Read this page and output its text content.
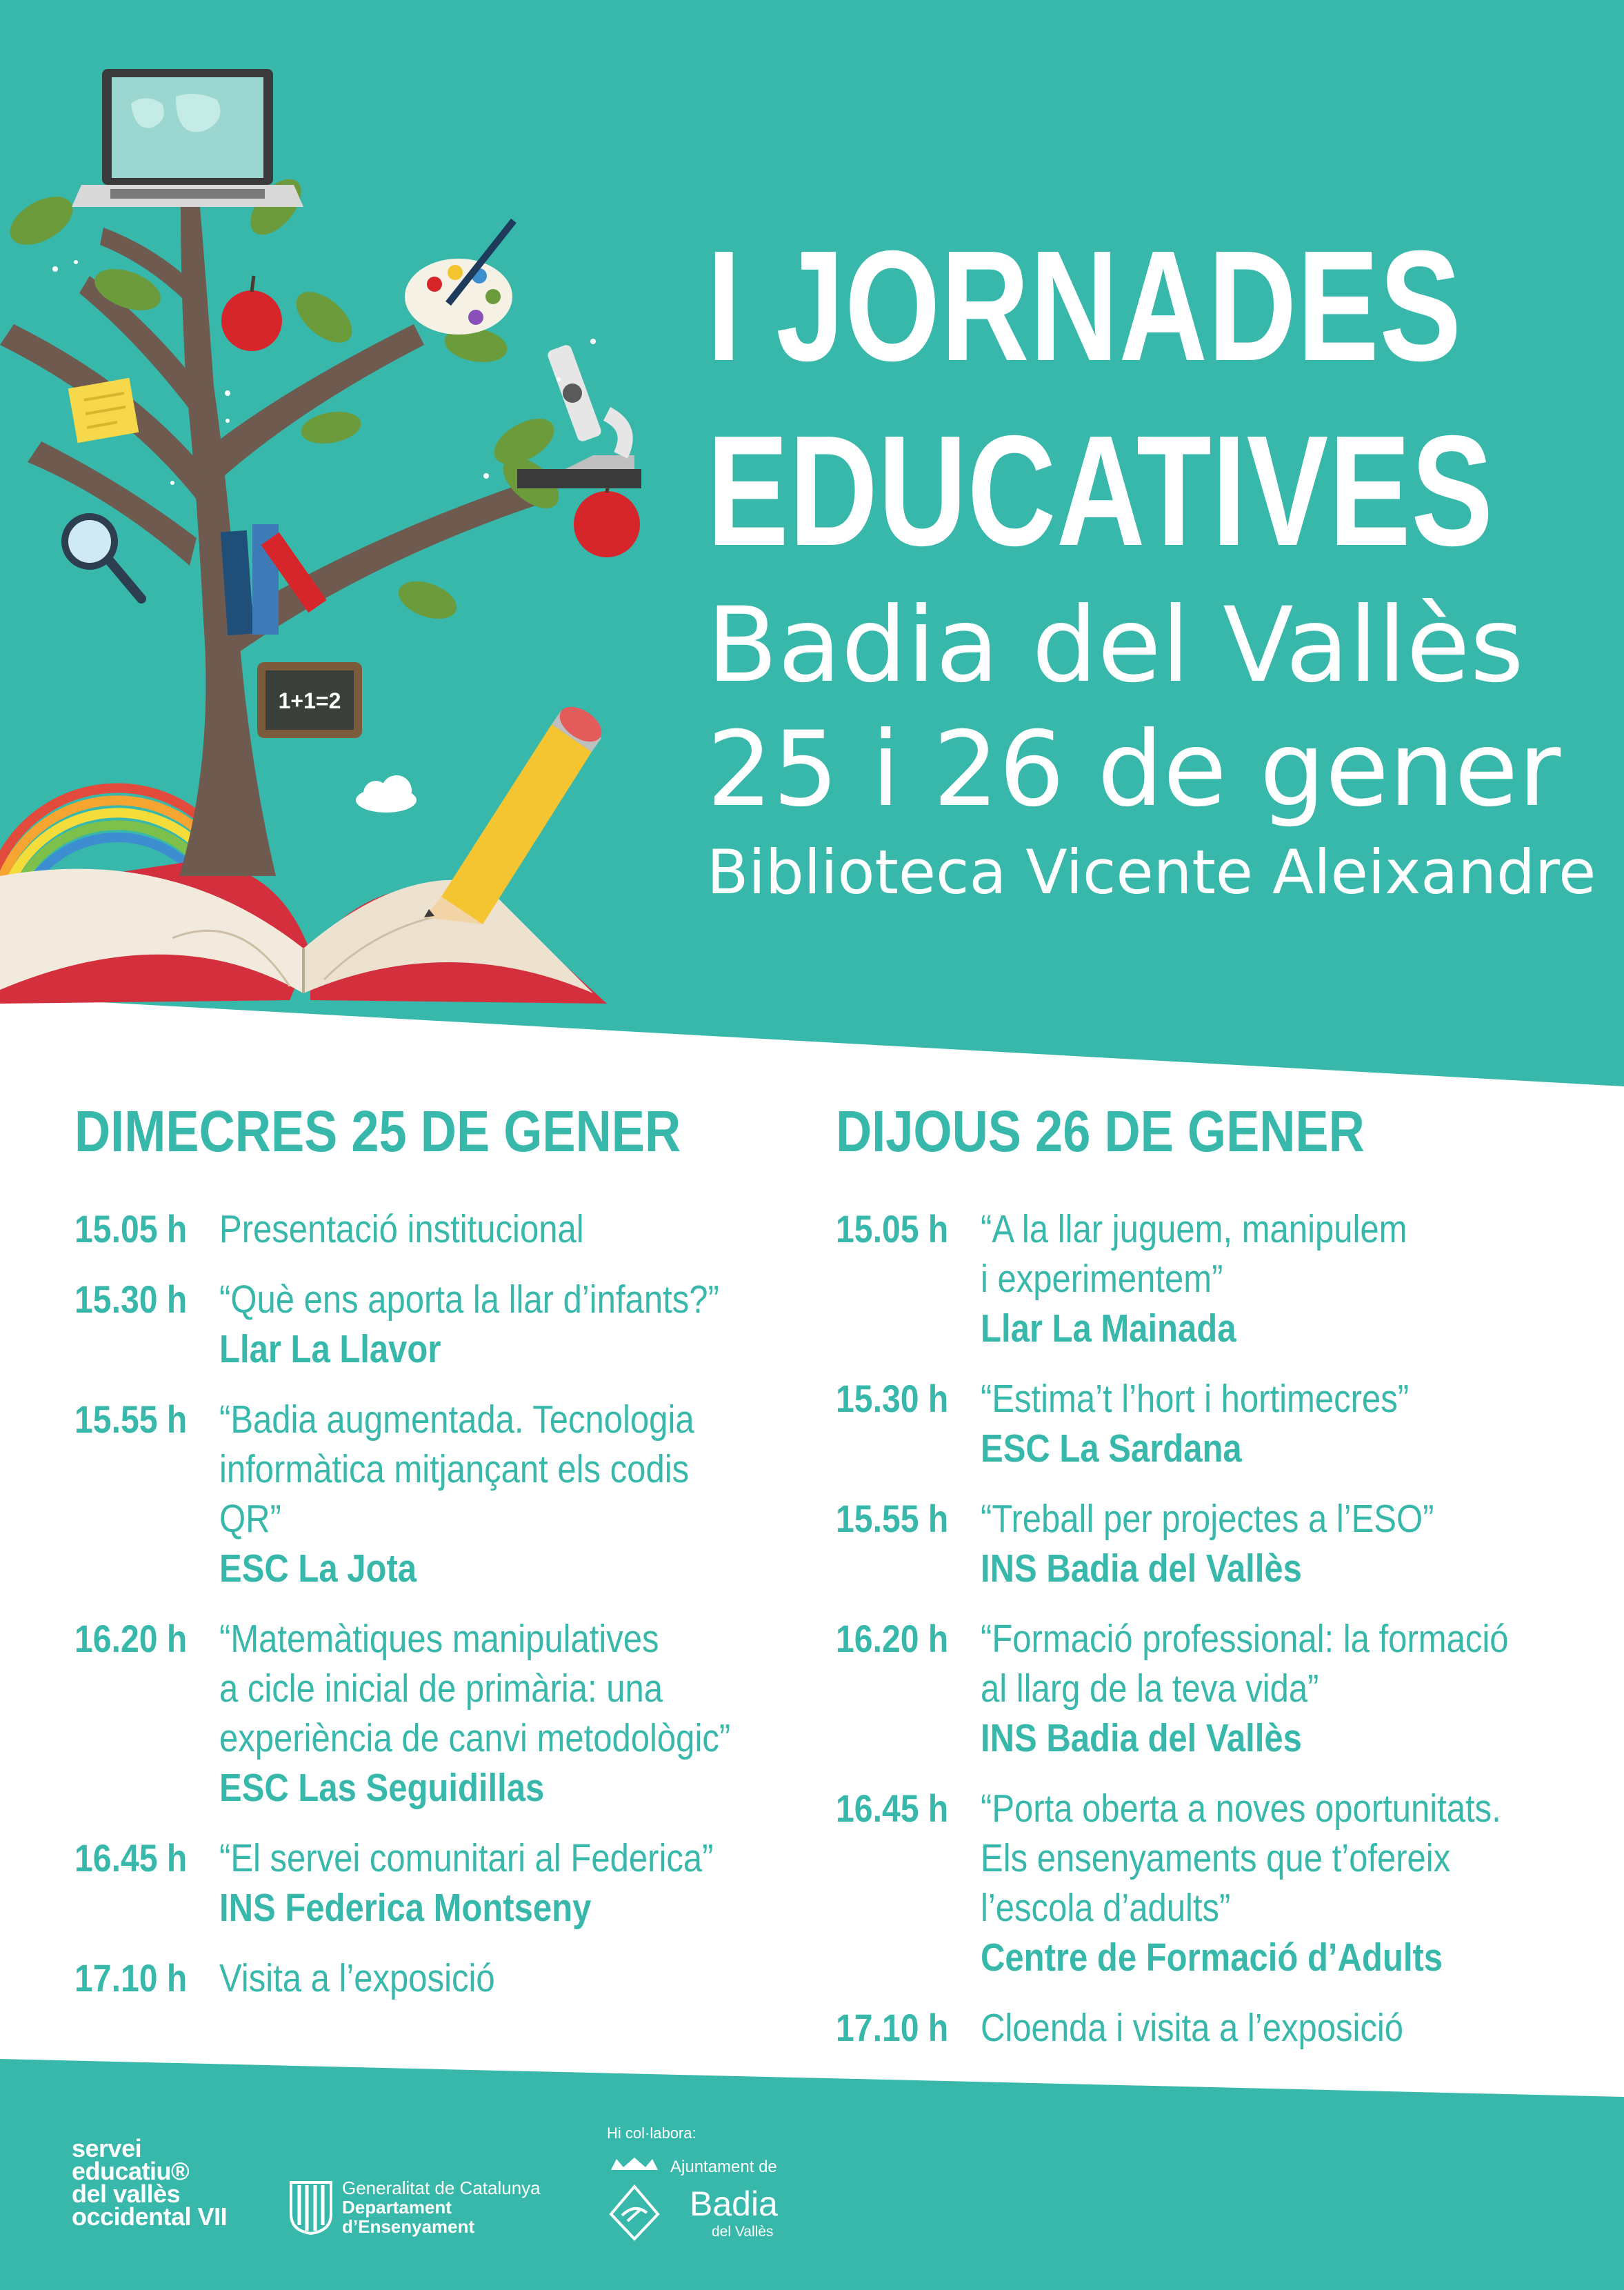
1+1=2
I JORNADES
EDUCATIVES
Badia del Vallès
25 i 26 de gener
Biblioteca Vicente Aleixandre
DIMECRES 25 DE GENER
15.05 h Presentació institucional
15.30 h “Què ens aporta la llar d’infants?”
Llar La Llavor
15.55 h “Badia augmentada. Tecnologia
informàtica mitjançant els codis
QR”
ESC La Jota
16.20 h “Matemàtiques manipulatives
a cicle inicial de primària: una
experiència de canvi metodològic”
ESC Las Seguidillas
16.45 h “El servei comunitari al Federica”
INS Federica Montseny
17.10 h Visita a l’exposició
DIJOUS 26 DE GENER
15.05 h “A la llar juguem, manipulem
i experimentem”
Llar La Mainada
15.30 h “Estima’t l’hort i hortimecres”
ESC La Sardana
15.55 h “Treball per projectes a l’ESO”
INS Badia del Vallès
16.20 h “Formació professional: la formació
al llarg de la teva vida”
INS Badia del Vallès
16.45 h “Porta oberta a noves oportunitats.
Els ensenyaments que t’ofereix
l’escola d’adults”
Centre de Formació d’Adults
17.10 h Cloenda i visita a l’exposició
servei
educatiu®
del vallès
occidental VII
Generalitat de Catalunya
Departament
d’Ensenyament
Hi col·labora:
Ajuntament de
Badia
del Vallès
